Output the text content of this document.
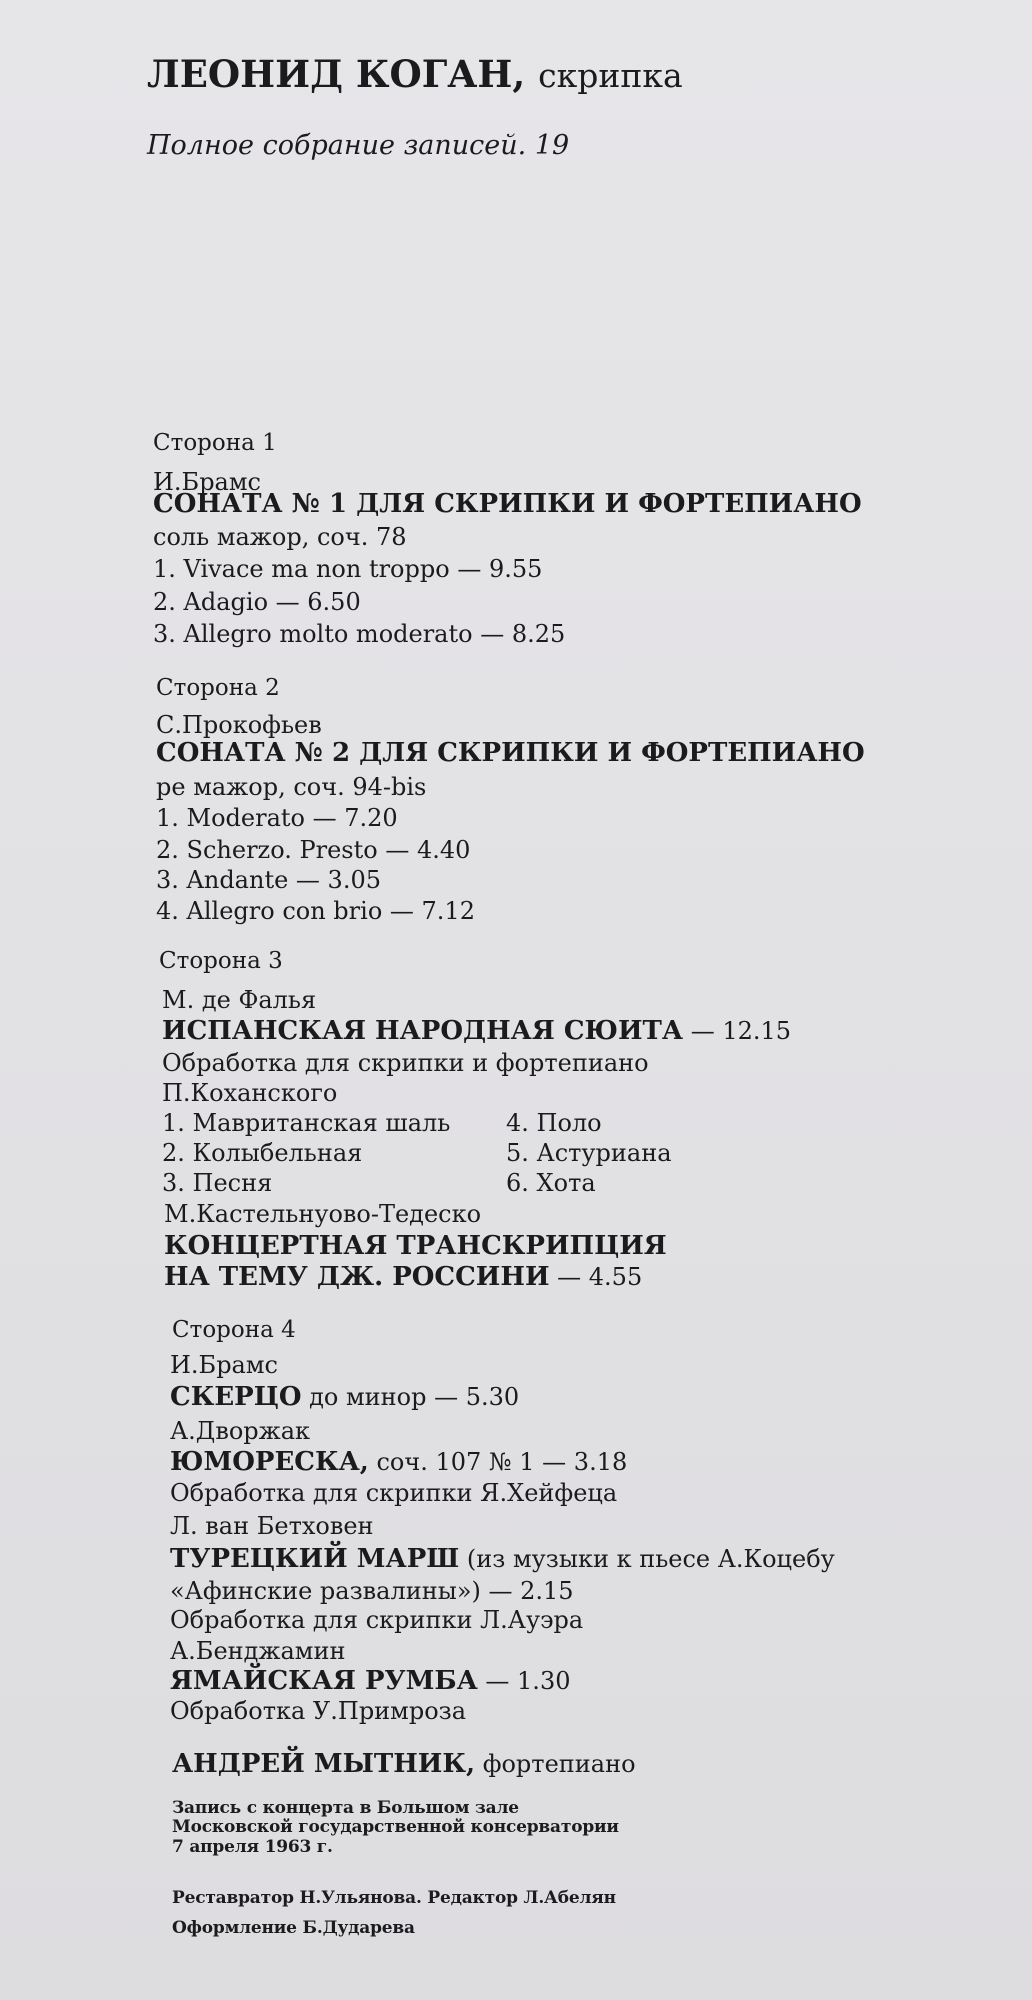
ЛЕОНИД КОГАН, скрипка
Полное собрание записей. 19
Сторона 1
И.Брамс
СОНАТА № 1 ДЛЯ СКРИПКИ И ФОРТЕПИАНО
соль мажор, соч. 78
1. Vivace ma non troppo — 9.55
2. Adagio — 6.50
3. Allegro molto moderato — 8.25
Сторона 2
С.Прокофьев
СОНАТА № 2 ДЛЯ СКРИПКИ И ФОРТЕПИАНО
ре мажор, соч. 94-bis
1. Moderato — 7.20
2. Scherzo. Presto — 4.40
3. Andante — 3.05
4. Allegro con brio — 7.12
Сторона 3
М. де Фалья
ИСПАНСКАЯ НАРОДНАЯ СЮИТА — 12.15
Обработка для скрипки и фортепиано
П.Коханского
1. Мавританская шаль
2. Колыбельная
3. Песня
4. Поло
5. Астуриана
6. Хота
М.Кастельнуово-Тедеско
КОНЦЕРТНАЯ ТРАНСКРИПЦИЯ
НА ТЕМУ ДЖ. РОССИНИ — 4.55
Сторона 4
И.Брамс
СКЕРЦО до минор — 5.30
А.Дворжак
ЮМОРЕСКА, соч. 107 № 1 — 3.18
Обработка для скрипки Я.Хейфеца
Л. ван Бетховен
ТУРЕЦКИЙ МАРШ (из музыки к пьесе А.Коцебу
«Афинские развалины») — 2.15
Обработка для скрипки Л.Ауэра
А.Бенджамин
ЯМАЙСКАЯ РУМБА — 1.30
Обработка У.Примроза
АНДРЕЙ МЫТНИК, фортепиано
Запись с концерта в Большом зале
Московской государственной консерватории
7 апреля 1963 г.
Реставратор Н.Ульянова. Редактор Л.Абелян
Оформление Б.Дударева
